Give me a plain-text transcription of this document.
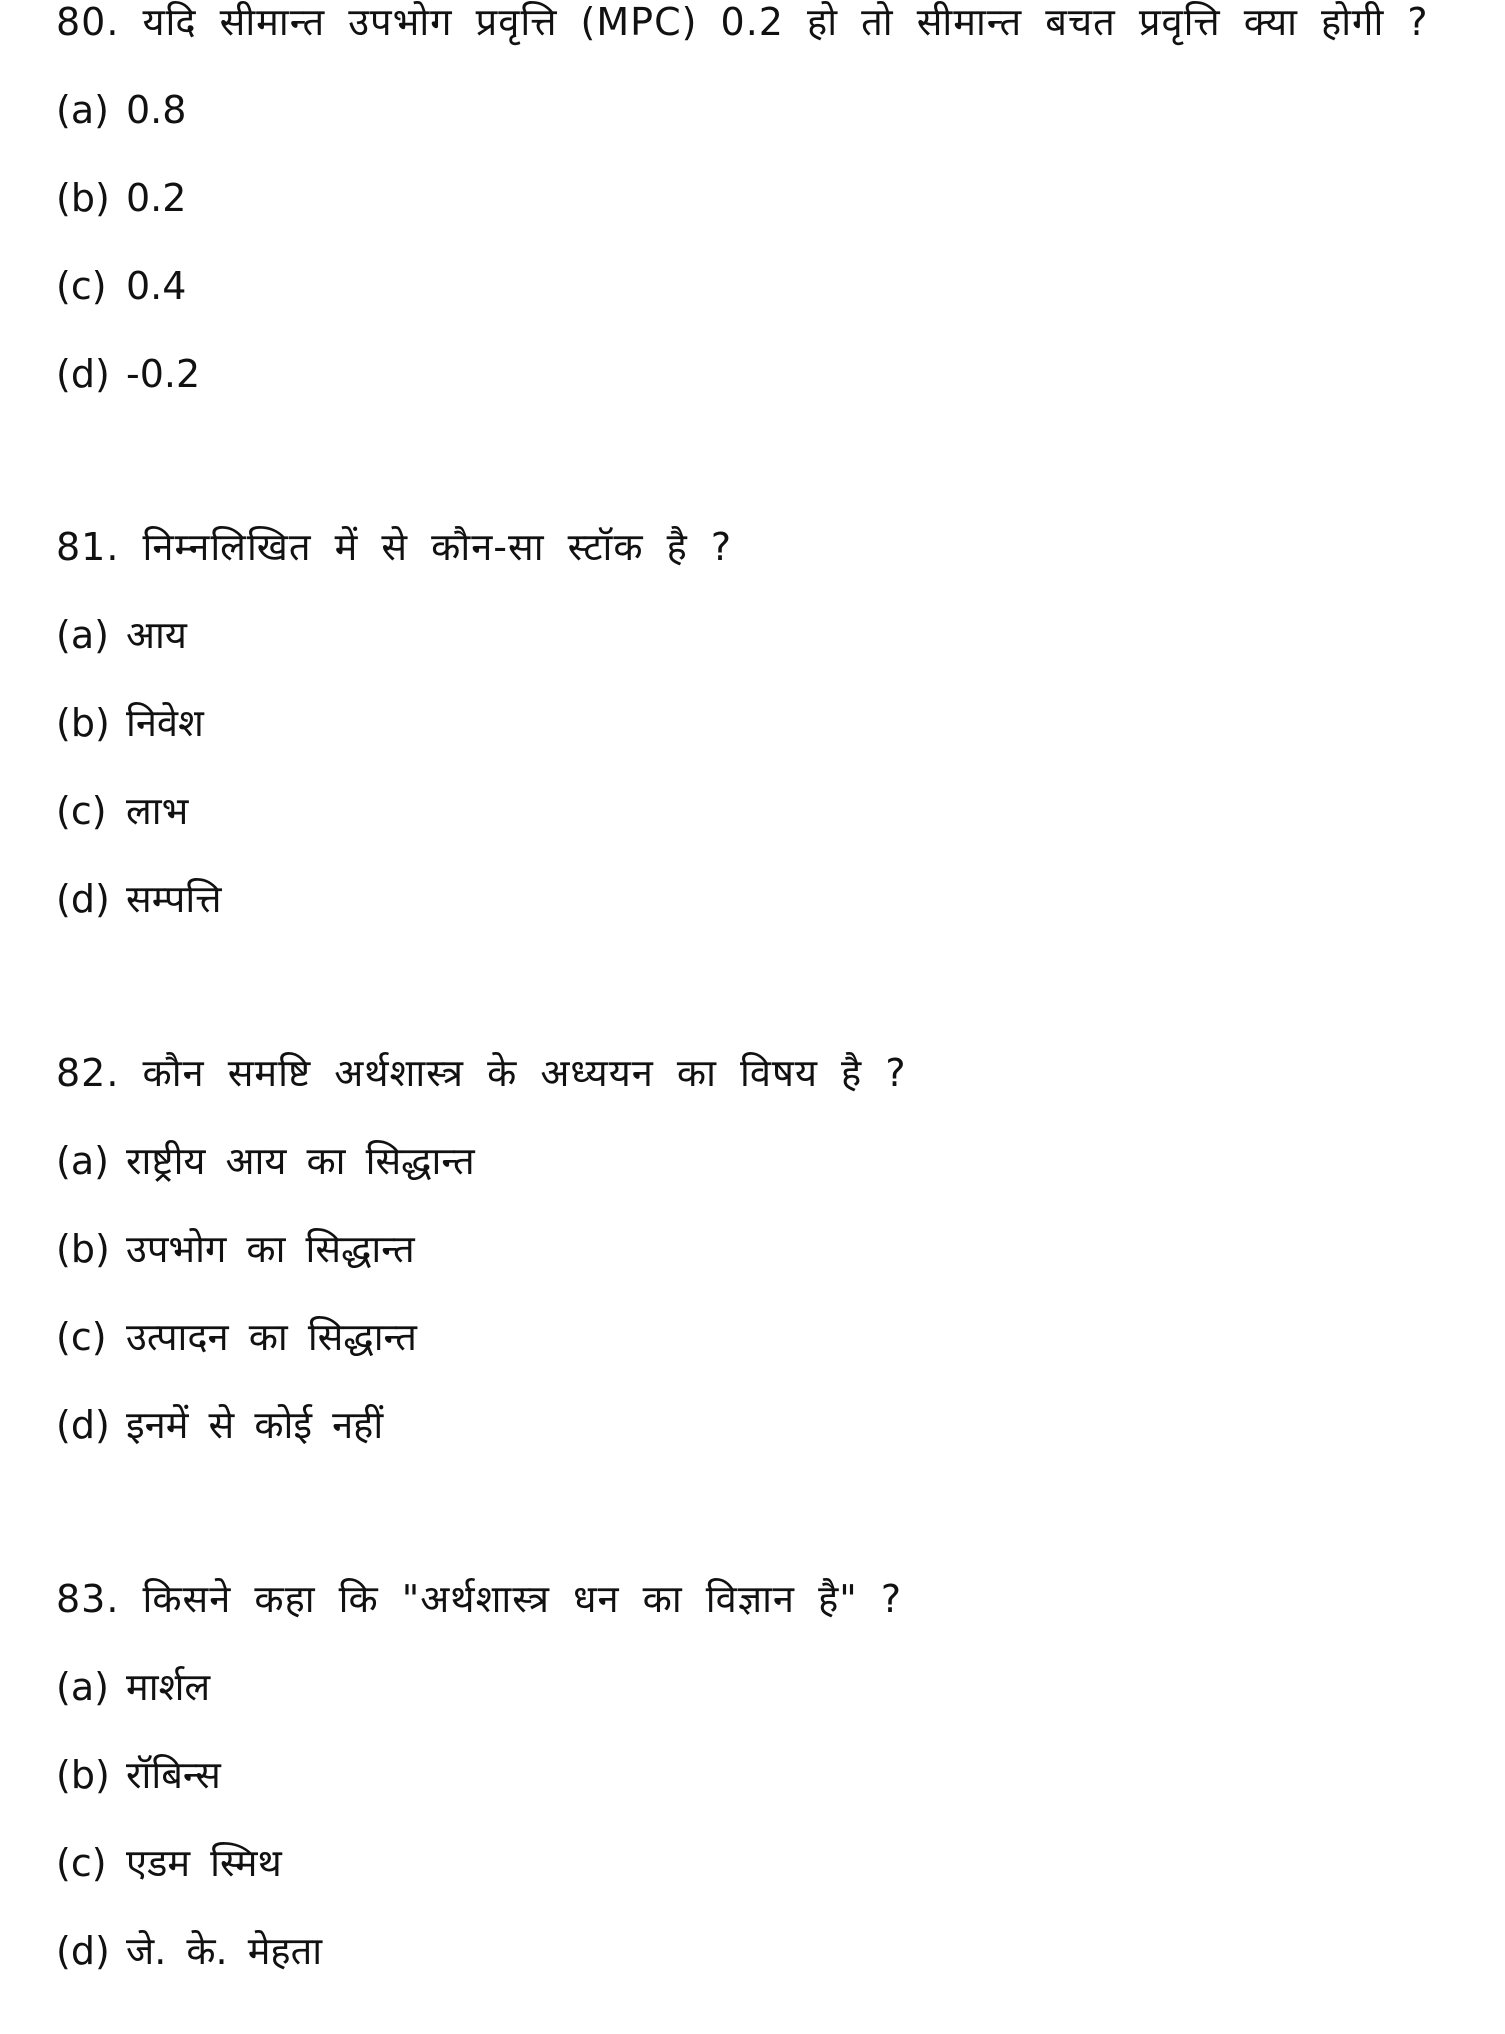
80. यदि सीमान्त उपभोग प्रवृत्ति (MPC) 0.2 हो तो सीमान्त बचत प्रवृत्ति क्या होगी ?
(a) 0.8
(b) 0.2
(c) 0.4
(d) -0.2
81. निम्नलिखित में से कौन-सा स्टॉक है ?
(a) आय
(b) निवेश
(c) लाभ
(d) सम्पत्ति
82. कौन समष्टि अर्थशास्त्र के अध्ययन का विषय है ?
(a) राष्ट्रीय आय का सिद्धान्त
(b) उपभोग का सिद्धान्त
(c) उत्पादन का सिद्धान्त
(d) इनमें से कोई नहीं
83. किसने कहा कि "अर्थशास्त्र धन का विज्ञान है" ?
(a) मार्शल
(b) रॉबिन्स
(c) एडम स्मिथ
(d) जे. के. मेहता
